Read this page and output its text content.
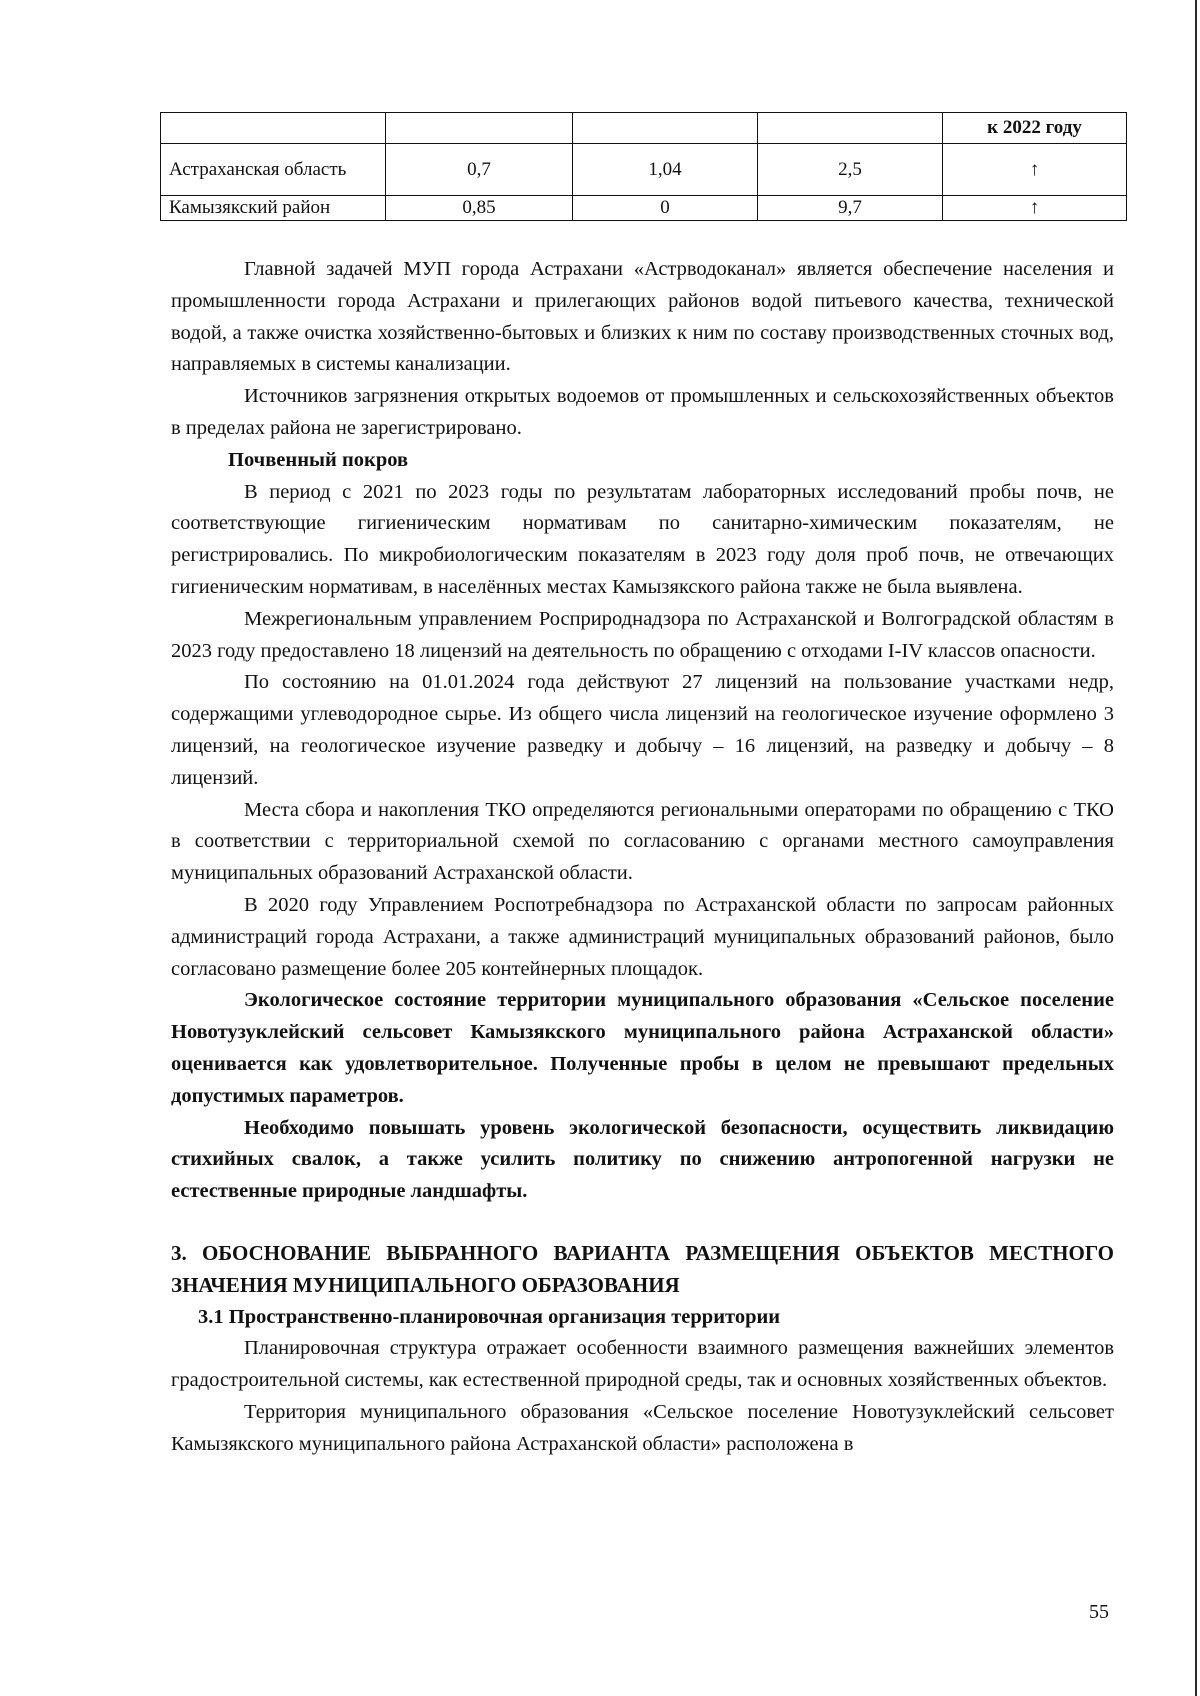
				к 2022 году
Астраханская область	0,7	1,04	2,5	↑
Камызякский район	0,85	0	9,7	↑

Главной задачей МУП города Астрахани «Астрводоканал» является обеспечение населения и промышленности города Астрахани и прилегающих районов водой питьевого качества, технической водой, а также очистка хозяйственно-бытовых и близких к ним по составу производственных сточных вод, направляемых в системы канализации.

Источников загрязнения открытых водоемов от промышленных и сельскохозяйственных объектов в пределах района не зарегистрировано.

Почвенный покров

В период с 2021 по 2023 годы по результатам лабораторных исследований пробы почв, не соответствующие гигиеническим нормативам по санитарно-химическим показателям, не регистрировались. По микробиологическим показателям в 2023 году доля проб почв, не отвечающих гигиеническим нормативам, в населённых местах Камызякского района также не была выявлена.

Межрегиональным управлением Росприроднадзора по Астраханской и Волгоградской областям в 2023 году предоставлено 18 лицензий на деятельность по обращению с отходами I-IV классов опасности.

По состоянию на 01.01.2024 года действуют 27 лицензий на пользование участками недр, содержащими углеводородное сырье. Из общего числа лицензий на геологическое изучение оформлено 3 лицензий, на геологическое изучение разведку и добычу – 16 лицензий, на разведку и добычу – 8 лицензий.

Места сбора и накопления ТКО определяются региональными операторами по обращению с ТКО в соответствии с территориальной схемой по согласованию с органами местного самоуправления муниципальных образований Астраханской области.

В 2020 году Управлением Роспотребнадзора по Астраханской области по запросам районных администраций города Астрахани, а также администраций муниципальных образований районов, было согласовано размещение более 205 контейнерных площадок.

Экологическое состояние территории муниципального образования «Сельское поселение Новотузуклейский сельсовет Камызякского муниципального района Астраханской области» оценивается как удовлетворительное. Полученные пробы в целом не превышают предельных допустимых параметров.

Необходимо повышать уровень экологической безопасности, осуществить ликвидацию стихийных свалок, а также усилить политику по снижению антропогенной нагрузки не естественные природные ландшафты.

3. ОБОСНОВАНИЕ ВЫБРАННОГО ВАРИАНТА РАЗМЕЩЕНИЯ ОБЪЕКТОВ МЕСТНОГО ЗНАЧЕНИЯ МУНИЦИПАЛЬНОГО ОБРАЗОВАНИЯ
3.1 Пространственно-планировочная организация территории

Планировочная структура отражает особенности взаимного размещения важнейших элементов градостроительной системы, как естественной природной среды, так и основных хозяйственных объектов.

Территория муниципального образования «Сельское поселение Новотузуклейский сельсовет Камызякского муниципального района Астраханской области» расположена в

55
